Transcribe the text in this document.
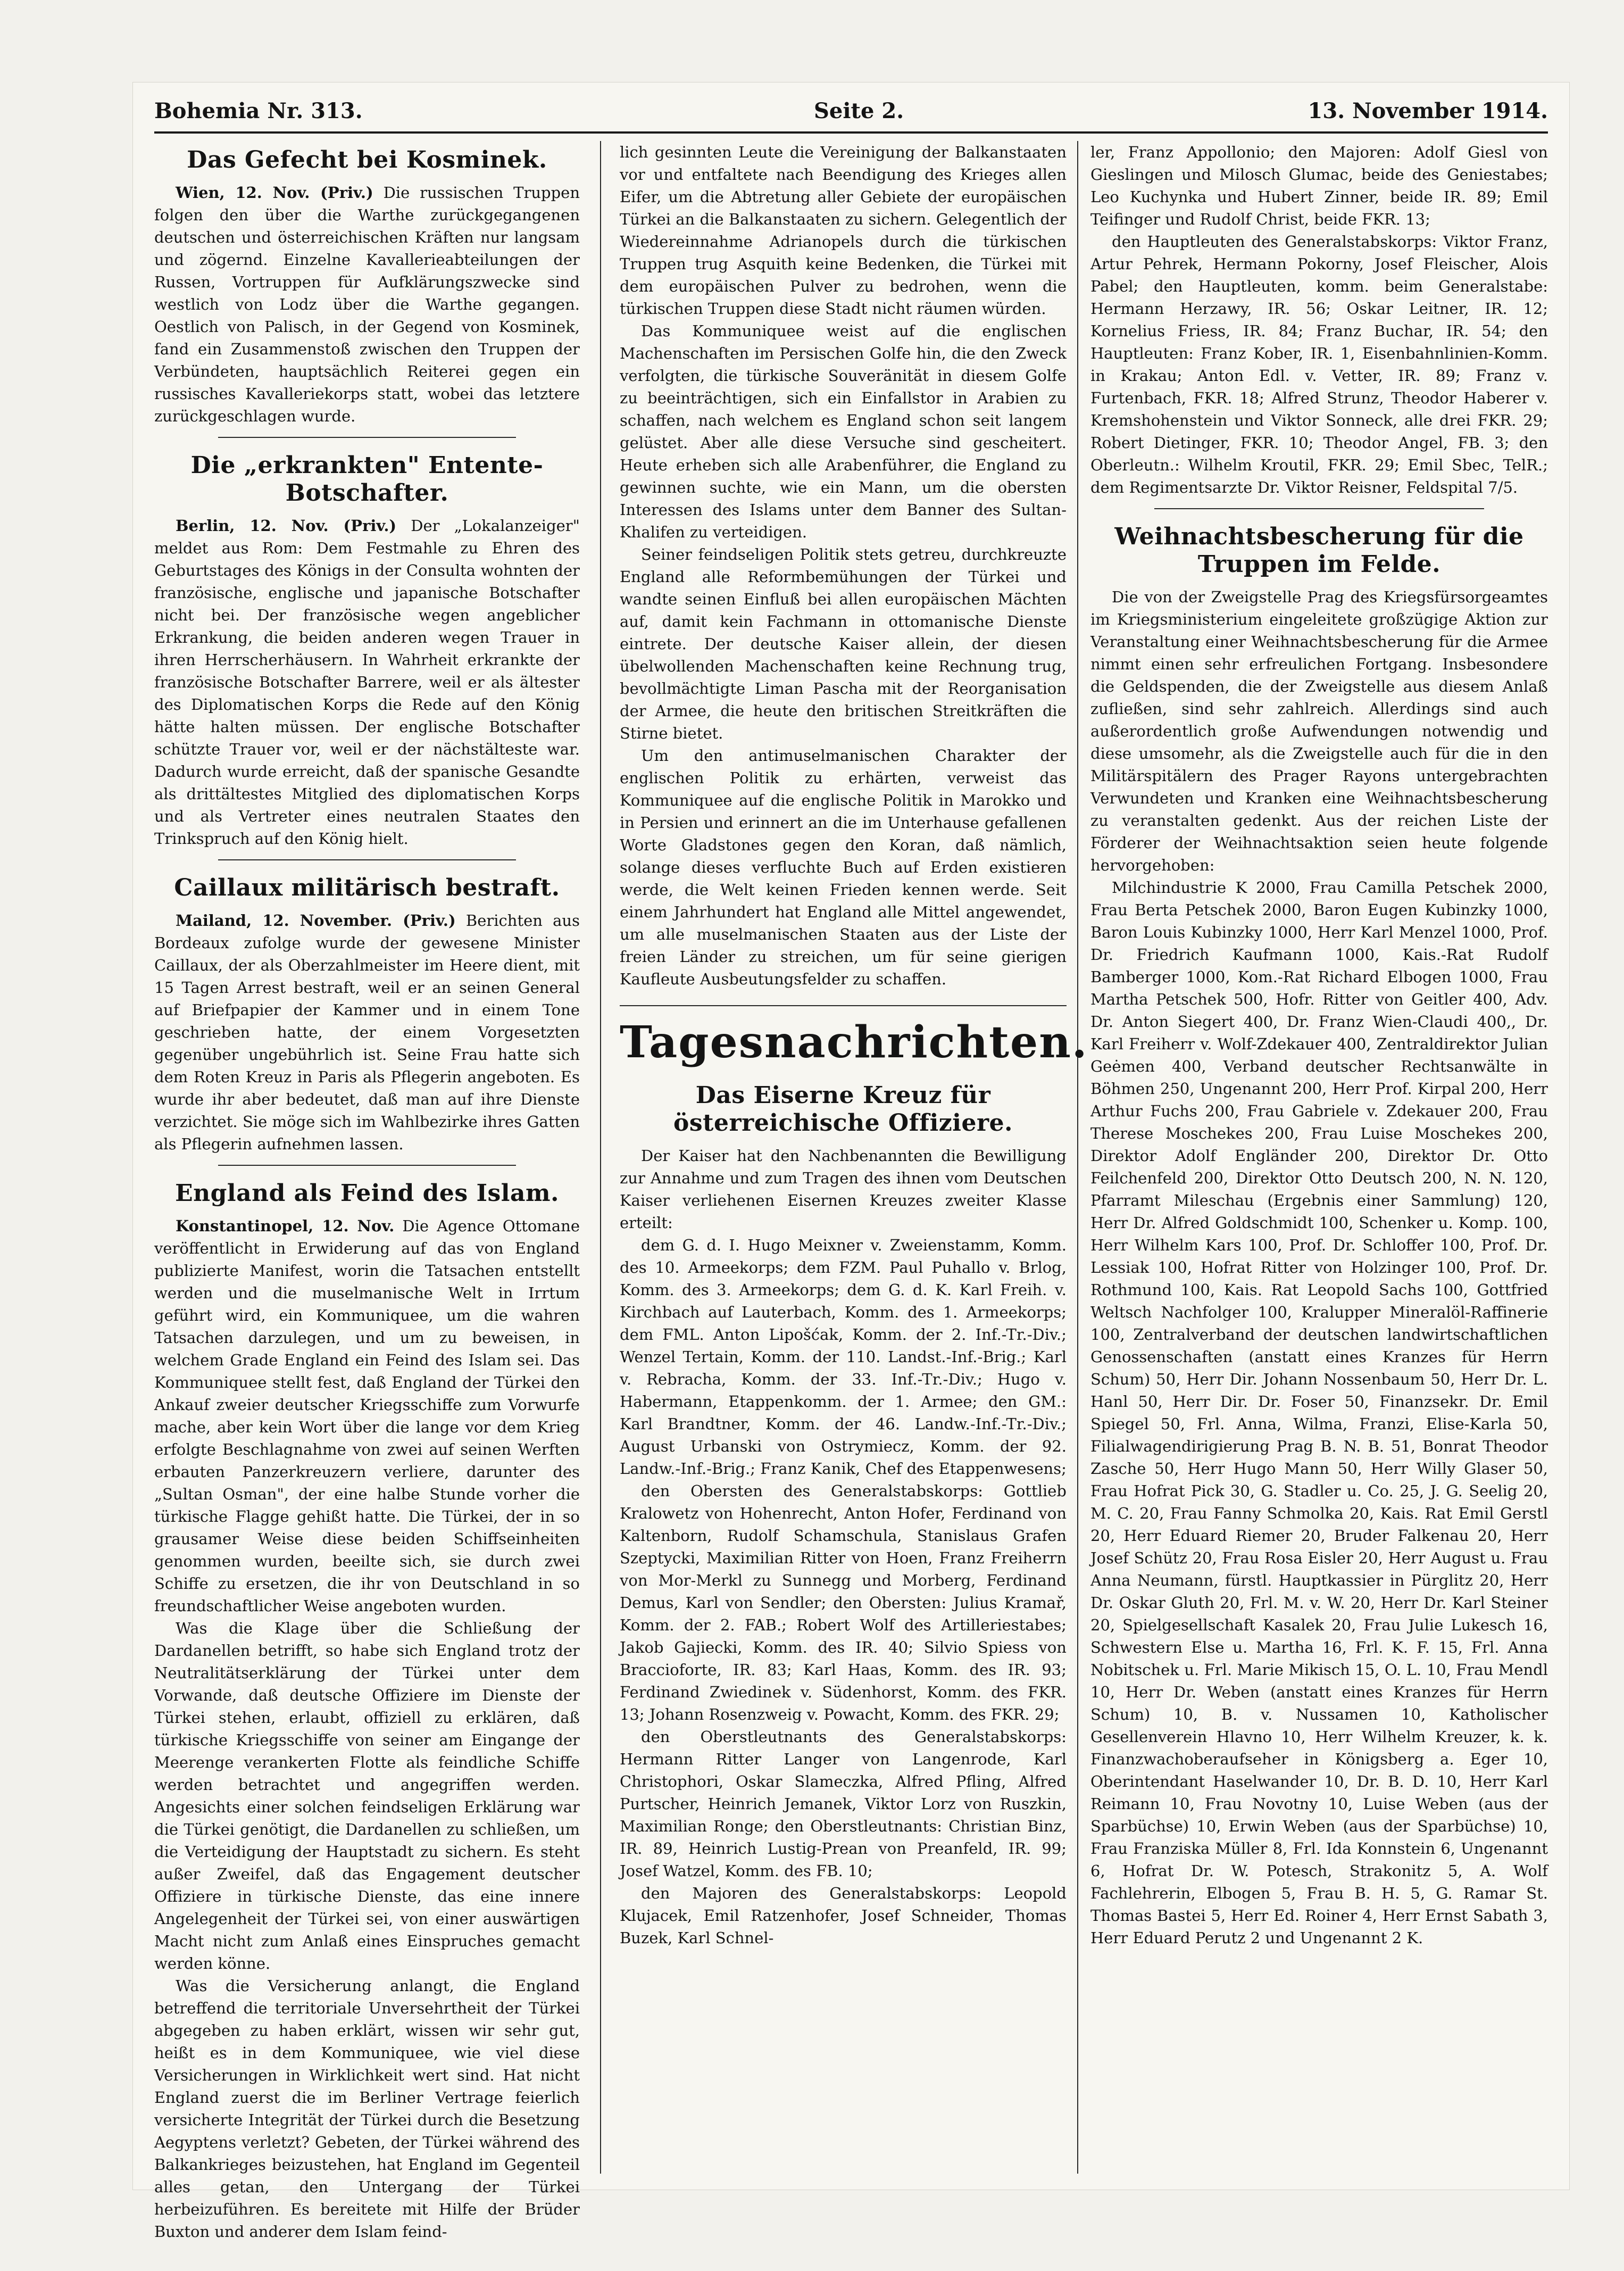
Bohemia Nr. 313.	Seite 2.	13. November 1914.
Das Gefecht bei Kosminek.

Wien, 12. Nov. (Priv.) Die russischen Truppen folgen den über die Warthe zurückgegangenen deutschen und österreichischen Kräften nur langsam und zögernd. Einzelne Kavallerieabteilungen der Russen, Vortruppen für Aufklärungszwecke sind westlich von Lodz über die Warthe gegangen. Oestlich von Palisch, in der Gegend von Kosminek, fand ein Zusammenstoß zwischen den Truppen der Verbündeten, hauptsächlich Reiterei gegen ein russisches Kavalleriekorps statt, wobei das letztere zurückgeschlagen wurde.

Die „erkrankten" Entente-Botschafter.

Berlin, 12. Nov. (Priv.) Der „Lokalanzeiger" meldet aus Rom: Dem Festmahle zu Ehren des Geburtstages des Königs in der Consulta wohnten der französische, englische und japanische Botschafter nicht bei. Der französische wegen angeblicher Erkrankung, die beiden anderen wegen Trauer in ihren Herrscherhäusern. In Wahrheit erkrankte der französische Botschafter Barrere, weil er als ältester des Diplomatischen Korps die Rede auf den König hätte halten müssen. Der englische Botschafter schützte Trauer vor, weil er der nächstälteste war. Dadurch wurde erreicht, daß der spanische Gesandte als drittältestes Mitglied des diplomatischen Korps und als Vertreter eines neutralen Staates den Trinkspruch auf den König hielt.

Caillaux militärisch bestraft.

Mailand, 12. November. (Priv.) Berichten aus Bordeaux zufolge wurde der gewesene Minister Caillaux, der als Oberzahlmeister im Heere dient, mit 15 Tagen Arrest bestraft, weil er an seinen General auf Briefpapier der Kammer und in einem Tone geschrieben hatte, der einem Vorgesetzten gegenüber ungebührlich ist. Seine Frau hatte sich dem Roten Kreuz in Paris als Pflegerin angeboten. Es wurde ihr aber bedeutet, daß man auf ihre Dienste verzichtet. Sie möge sich im Wahlbezirke ihres Gatten als Pflegerin aufnehmen lassen.

England als Feind des Islam.

Konstantinopel, 12. Nov. Die Agence Ottomane veröffentlicht in Erwiderung auf das von England publizierte Manifest, worin die Tatsachen entstellt werden und die muselmanische Welt in Irrtum geführt wird, ein Kommuniquee, um die wahren Tatsachen darzulegen, und um zu beweisen, in welchem Grade England ein Feind des Islam sei. Das Kommuniquee stellt fest, daß England der Türkei den Ankauf zweier deutscher Kriegsschiffe zum Vorwurfe mache, aber kein Wort über die lange vor dem Krieg erfolgte Beschlagnahme von zwei auf seinen Werften erbauten Panzerkreuzern verliere, darunter des „Sultan Osman", der eine halbe Stunde vorher die türkische Flagge gehißt hatte. Die Türkei, der in so grausamer Weise diese beiden Schiffseinheiten genommen wurden, beeilte sich, sie durch zwei Schiffe zu ersetzen, die ihr von Deutschland in so freundschaftlicher Weise angeboten wurden.

Was die Klage über die Schließung der Dardanellen betrifft, so habe sich England trotz der Neutralitätserklärung der Türkei unter dem Vorwande, daß deutsche Offiziere im Dienste der Türkei stehen, erlaubt, offiziell zu erklären, daß türkische Kriegsschiffe von seiner am Eingange der Meerenge verankerten Flotte als feindliche Schiffe werden betrachtet und angegriffen werden. Angesichts einer solchen feindseligen Erklärung war die Türkei genötigt, die Dardanellen zu schließen, um die Verteidigung der Hauptstadt zu sichern. Es steht außer Zweifel, daß das Engagement deutscher Offiziere in türkische Dienste, das eine innere Angelegenheit der Türkei sei, von einer auswärtigen Macht nicht zum Anlaß eines Einspruches gemacht werden könne.

Was die Versicherung anlangt, die England betreffend die territoriale Unversehrtheit der Türkei abgegeben zu haben erklärt, wissen wir sehr gut, heißt es in dem Kommuniquee, wie viel diese Versicherungen in Wirklichkeit wert sind. Hat nicht England zuerst die im Berliner Vertrage feierlich versicherte Integrität der Türkei durch die Besetzung Aegyptens verletzt? Gebeten, der Türkei während des Balkankrieges beizustehen, hat England im Gegenteil alles getan, den Untergang der Türkei herbeizuführen. Es bereitete mit Hilfe der Brüder Buxton und anderer dem Islam feind-

lich gesinnten Leute die Vereinigung der Balkanstaaten vor und entfaltete nach Beendigung des Krieges allen Eifer, um die Abtretung aller Gebiete der europäischen Türkei an die Balkanstaaten zu sichern. Gelegentlich der Wiedereinnahme Adrianopels durch die türkischen Truppen trug Asquith keine Bedenken, die Türkei mit dem europäischen Pulver zu bedrohen, wenn die türkischen Truppen diese Stadt nicht räumen würden.

Das Kommuniquee weist auf die englischen Machenschaften im Persischen Golfe hin, die den Zweck verfolgten, die türkische Souveränität in diesem Golfe zu beeinträchtigen, sich ein Einfallstor in Arabien zu schaffen, nach welchem es England schon seit langem gelüstet. Aber alle diese Versuche sind gescheitert. Heute erheben sich alle Arabenführer, die England zu gewinnen suchte, wie ein Mann, um die obersten Interessen des Islams unter dem Banner des Sultan-Khalifen zu verteidigen.

Seiner feindseligen Politik stets getreu, durchkreuzte England alle Reformbemühungen der Türkei und wandte seinen Einfluß bei allen europäischen Mächten auf, damit kein Fachmann in ottomanische Dienste eintrete. Der deutsche Kaiser allein, der diesen übelwollenden Machenschaften keine Rechnung trug, bevollmächtigte Liman Pascha mit der Reorganisation der Armee, die heute den britischen Streitkräften die Stirne bietet.

Um den antimuselmanischen Charakter der englischen Politik zu erhärten, verweist das Kommuniquee auf die englische Politik in Marokko und in Persien und erinnert an die im Unterhause gefallenen Worte Gladstones gegen den Koran, daß nämlich, solange dieses verfluchte Buch auf Erden existieren werde, die Welt keinen Frieden kennen werde. Seit einem Jahrhundert hat England alle Mittel angewendet, um alle muselmanischen Staaten aus der Liste der freien Länder zu streichen, um für seine gierigen Kaufleute Ausbeutungsfelder zu schaffen.

Tagesnachrichten.
Das Eiserne Kreuz für österreichische Offiziere.

Der Kaiser hat den Nachbenannten die Bewilligung zur Annahme und zum Tragen des ihnen vom Deutschen Kaiser verliehenen Eisernen Kreuzes zweiter Klasse erteilt:

dem G. d. I. Hugo Meixner v. Zweienstamm, Komm. des 10. Armeekorps; dem FZM. Paul Puhallo v. Brlog, Komm. des 3. Armeekorps; dem G. d. K. Karl Freih. v. Kirchbach auf Lauterbach, Komm. des 1. Armeekorps; dem FML. Anton Lipošćak, Komm. der 2. Inf.-Tr.-Div.; Wenzel Tertain, Komm. der 110. Landst.-Inf.-Brig.; Karl v. Rebracha, Komm. der 33. Inf.-Tr.-Div.; Hugo v. Habermann, Etappenkomm. der 1. Armee; den GM.: Karl Brandtner, Komm. der 46. Landw.-Inf.-Tr.-Div.; August Urbanski von Ostrymiecz, Komm. der 92. Landw.-Inf.-Brig.; Franz Kanik, Chef des Etappenwesens;

den Obersten des Generalstabskorps: Gottlieb Kralowetz von Hohenrecht, Anton Hofer, Ferdinand von Kaltenborn, Rudolf Schamschula, Stanislaus Grafen Szeptycki, Maximilian Ritter von Hoen, Franz Freiherrn von Mor-Merkl zu Sunnegg und Morberg, Ferdinand Demus, Karl von Sendler; den Obersten: Julius Kramař, Komm. der 2. FAB.; Robert Wolf des Artilleriestabes; Jakob Gajiecki, Komm. des IR. 40; Silvio Spiess von Braccioforte, IR. 83; Karl Haas, Komm. des IR. 93; Ferdinand Zwiedinek v. Südenhorst, Komm. des FKR. 13; Johann Rosenzweig v. Powacht, Komm. des FKR. 29;

den Oberstleutnants des Generalstabskorps: Hermann Ritter Langer von Langenrode, Karl Christophori, Oskar Slameczka, Alfred Pfling, Alfred Purtscher, Heinrich Jemanek, Viktor Lorz von Ruszkin, Maximilian Ronge; den Oberstleutnants: Christian Binz, IR. 89, Heinrich Lustig-Prean von Preanfeld, IR. 99; Josef Watzel, Komm. des FB. 10;

den Majoren des Generalstabskorps: Leopold Klujacek, Emil Ratzenhofer, Josef Schneider, Thomas Buzek, Karl Schnel-

ler, Franz Appollonio; den Majoren: Adolf Giesl von Gieslingen und Milosch Glumac, beide des Geniestabes; Leo Kuchynka und Hubert Zinner, beide IR. 89; Emil Teifinger und Rudolf Christ, beide FKR. 13;

den Hauptleuten des Generalstabskorps: Viktor Franz, Artur Pehrek, Hermann Pokorny, Josef Fleischer, Alois Pabel; den Hauptleuten, komm. beim Generalstabe: Hermann Herzawy, IR. 56; Oskar Leitner, IR. 12; Kornelius Friess, IR. 84; Franz Buchar, IR. 54; den Hauptleuten: Franz Kober, IR. 1, Eisenbahnlinien-Komm. in Krakau; Anton Edl. v. Vetter, IR. 89; Franz v. Furtenbach, FKR. 18; Alfred Strunz, Theodor Haberer v. Kremshohenstein und Viktor Sonneck, alle drei FKR. 29; Robert Dietinger, FKR. 10; Theodor Angel, FB. 3; den Oberleutn.: Wilhelm Kroutil, FKR. 29; Emil Sbec, TelR.; dem Regimentsarzte Dr. Viktor Reisner, Feldspital 7/5.

Weihnachtsbescherung für die Truppen im Felde.

Die von der Zweigstelle Prag des Kriegsfürsorgeamtes im Kriegsministerium eingeleitete großzügige Aktion zur Veranstaltung einer Weihnachtsbescherung für die Armee nimmt einen sehr erfreulichen Fortgang. Insbesondere die Geldspenden, die der Zweigstelle aus diesem Anlaß zufließen, sind sehr zahlreich. Allerdings sind auch außerordentlich große Aufwendungen notwendig und diese umsomehr, als die Zweigstelle auch für die in den Militärspitälern des Prager Rayons untergebrachten Verwundeten und Kranken eine Weihnachtsbescherung zu veranstalten gedenkt. Aus der reichen Liste der Förderer der Weihnachtsaktion seien heute folgende hervorgehoben:

Milchindustrie K 2000, Frau Camilla Petschek 2000, Frau Berta Petschek 2000, Baron Eugen Kubinzky 1000, Baron Louis Kubinzky 1000, Herr Karl Menzel 1000, Prof. Dr. Friedrich Kaufmann 1000, Kais.-Rat Rudolf Bamberger 1000, Kom.-Rat Richard Elbogen 1000, Frau Martha Petschek 500, Hofr. Ritter von Geitler 400, Adv. Dr. Anton Siegert 400, Dr. Franz Wien-Claudi 400,, Dr. Karl Freiherr v. Wolf-Zdekauer 400, Zentraldirektor Julian Geėmen 400, Verband deutscher Rechtsanwälte in Böhmen 250, Ungenannt 200, Herr Prof. Kirpal 200, Herr Arthur Fuchs 200, Frau Gabriele v. Zdekauer 200, Frau Therese Moschekes 200, Frau Luise Moschekes 200, Direktor Adolf Engländer 200, Direktor Dr. Otto Feilchenfeld 200, Direktor Otto Deutsch 200, N. N. 120, Pfarramt Mileschau (Ergebnis einer Sammlung) 120, Herr Dr. Alfred Goldschmidt 100, Schenker u. Komp. 100, Herr Wilhelm Kars 100, Prof. Dr. Schloffer 100, Prof. Dr. Lessiak 100, Hofrat Ritter von Holzinger 100, Prof. Dr. Rothmund 100, Kais. Rat Leopold Sachs 100, Gottfried Weltsch Nachfolger 100, Kralupper Mineralöl-Raffinerie 100, Zentralverband der deutschen landwirtschaftlichen Genossenschaften (anstatt eines Kranzes für Herrn Schum) 50, Herr Dir. Johann Nossenbaum 50, Herr Dr. L. Hanl 50, Herr Dir. Dr. Foser 50, Finanzsekr. Dr. Emil Spiegel 50, Frl. Anna, Wilma, Franzi, Elise-Karla 50, Filialwagendirigierung Prag B. N. B. 51, Bonrat Theodor Zasche 50, Herr Hugo Mann 50, Herr Willy Glaser 50, Frau Hofrat Pick 30, G. Stadler u. Co. 25, J. G. Seelig 20, M. C. 20, Frau Fanny Schmolka 20, Kais. Rat Emil Gerstl 20, Herr Eduard Riemer 20, Bruder Falkenau 20, Herr Josef Schütz 20, Frau Rosa Eisler 20, Herr August u. Frau Anna Neumann, fürstl. Hauptkassier in Pürglitz 20, Herr Dr. Oskar Gluth 20, Frl. M. v. W. 20, Herr Dr. Karl Steiner 20, Spielgesellschaft Kasalek 20, Frau Julie Lukesch 16, Schwestern Else u. Martha 16, Frl. K. F. 15, Frl. Anna Nobitschek u. Frl. Marie Mikisch 15, O. L. 10, Frau Mendl 10, Herr Dr. Weben (anstatt eines Kranzes für Herrn Schum) 10, B. v. Nussamen 10, Katholischer Gesellenverein Hlavno 10, Herr Wilhelm Kreuzer, k. k. Finanzwachoberaufseher in Königsberg a. Eger 10, Oberintendant Haselwander 10, Dr. B. D. 10, Herr Karl Reimann 10, Frau Novotny 10, Luise Weben (aus der Sparbüchse) 10, Erwin Weben (aus der Sparbüchse) 10, Frau Franziska Müller 8, Frl. Ida Konnstein 6, Ungenannt 6, Hofrat Dr. W. Potesch, Strakonitz 5, A. Wolf Fachlehrerin, Elbogen 5, Frau B. H. 5, G. Ramar St. Thomas Bastei 5, Herr Ed. Roiner 4, Herr Ernst Sabath 3, Herr Eduard Perutz 2 und Ungenannt 2 K.
